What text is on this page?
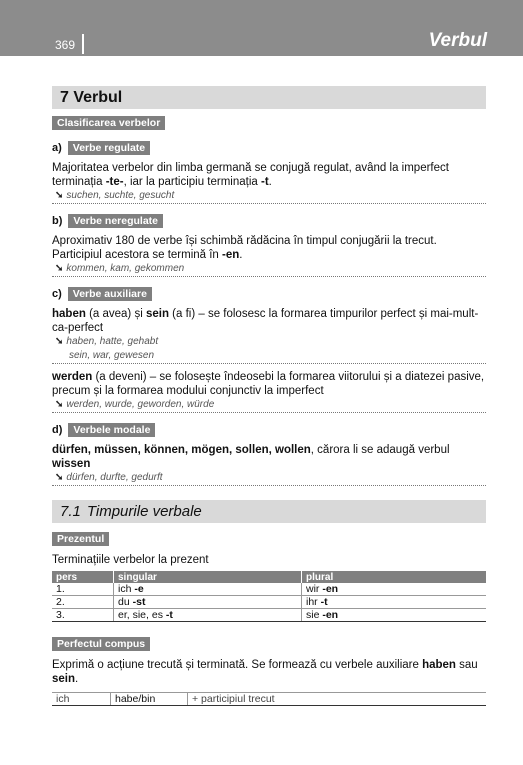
369	Verbul
7 Verbul
Clasificarea verbelor
a)	Verbe regulate

Majoritatea verbelor din limba germană se conjugă regulat, având la imperfect terminația -te-, iar la participiu terminația -t.

➘ suchen, suchte, gesucht
b)	Verbe neregulate

Aproximativ 180 de verbe își schimbă rădăcina în timpul conjugării la trecut. Participiul acestora se termină în -en.

➘ kommen, kam, gekommen
c)	Verbe auxiliare

haben (a avea) și sein (a fi) – se folosesc la formarea timpurilor perfect și mai-mult-ca-perfect

➘ haben, hatte, gehabt
sein, war, gewesen

werden (a deveni) – se folosește îndeosebi la formarea viitorului și a diatezei pasive, precum și la formarea modului conjunctiv la imperfect

➘ werden, wurde, geworden, würde
d)	Verbele modale

dürfen, müssen, können, mögen, sollen, wollen, cărora li se adaugă verbul wissen

➘ dürfen, durfte, gedurft
7.1 Timpurile verbale
Prezentul

Terminațiile verbelor la prezent

pers	singular	plural
1.	ich -e	wir -en
2.	du -st	ihr -t
3.	er, sie, es -t	sie -en
Perfectul compus

Exprimă o acțiune trecută și terminată. Se formează cu verbele auxiliare haben sau sein.

ich	habe/bin	+ participiul trecut
